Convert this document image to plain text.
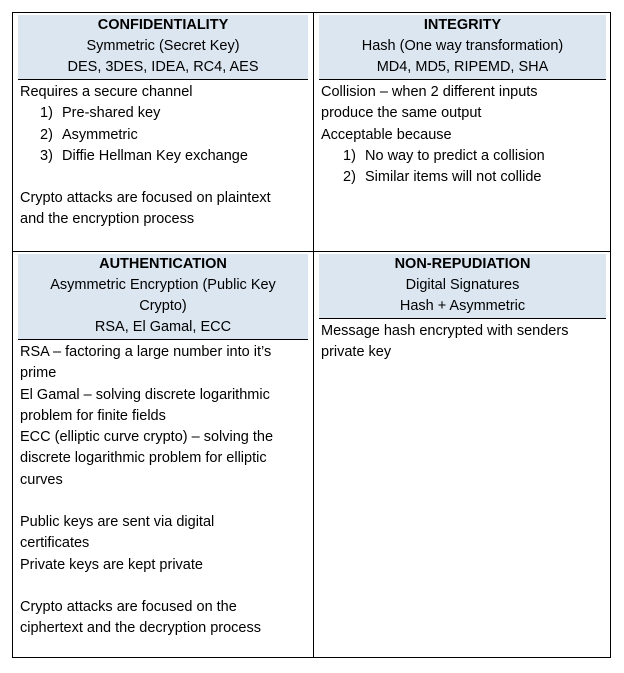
CONFIDENTIALITY
Symmetric (Secret Key)
DES, 3DES, IDEA, RC4, AES
Requires a secure channel
1) Pre-shared key
2) Asymmetric
3) Diffie Hellman Key exchange
Crypto attacks are focused on plaintext
and the encryption process
INTEGRITY
Hash (One way transformation)
MD4, MD5, RIPEMD, SHA
Collision – when 2 different inputs
produce the same output
Acceptable because
1) No way to predict a collision
2) Similar items will not collide
AUTHENTICATION
Asymmetric Encryption (Public Key
Crypto)
RSA, El Gamal, ECC
RSA – factoring a large number into it’s
prime
El Gamal – solving discrete logarithmic
problem for finite fields
ECC (elliptic curve crypto) – solving the
discrete logarithmic problem for elliptic
curves
Public keys are sent via digital
certificates
Private keys are kept private
Crypto attacks are focused on the
ciphertext and the decryption process
NON-REPUDIATION
Digital Signatures
Hash + Asymmetric
Message hash encrypted with senders
private key
